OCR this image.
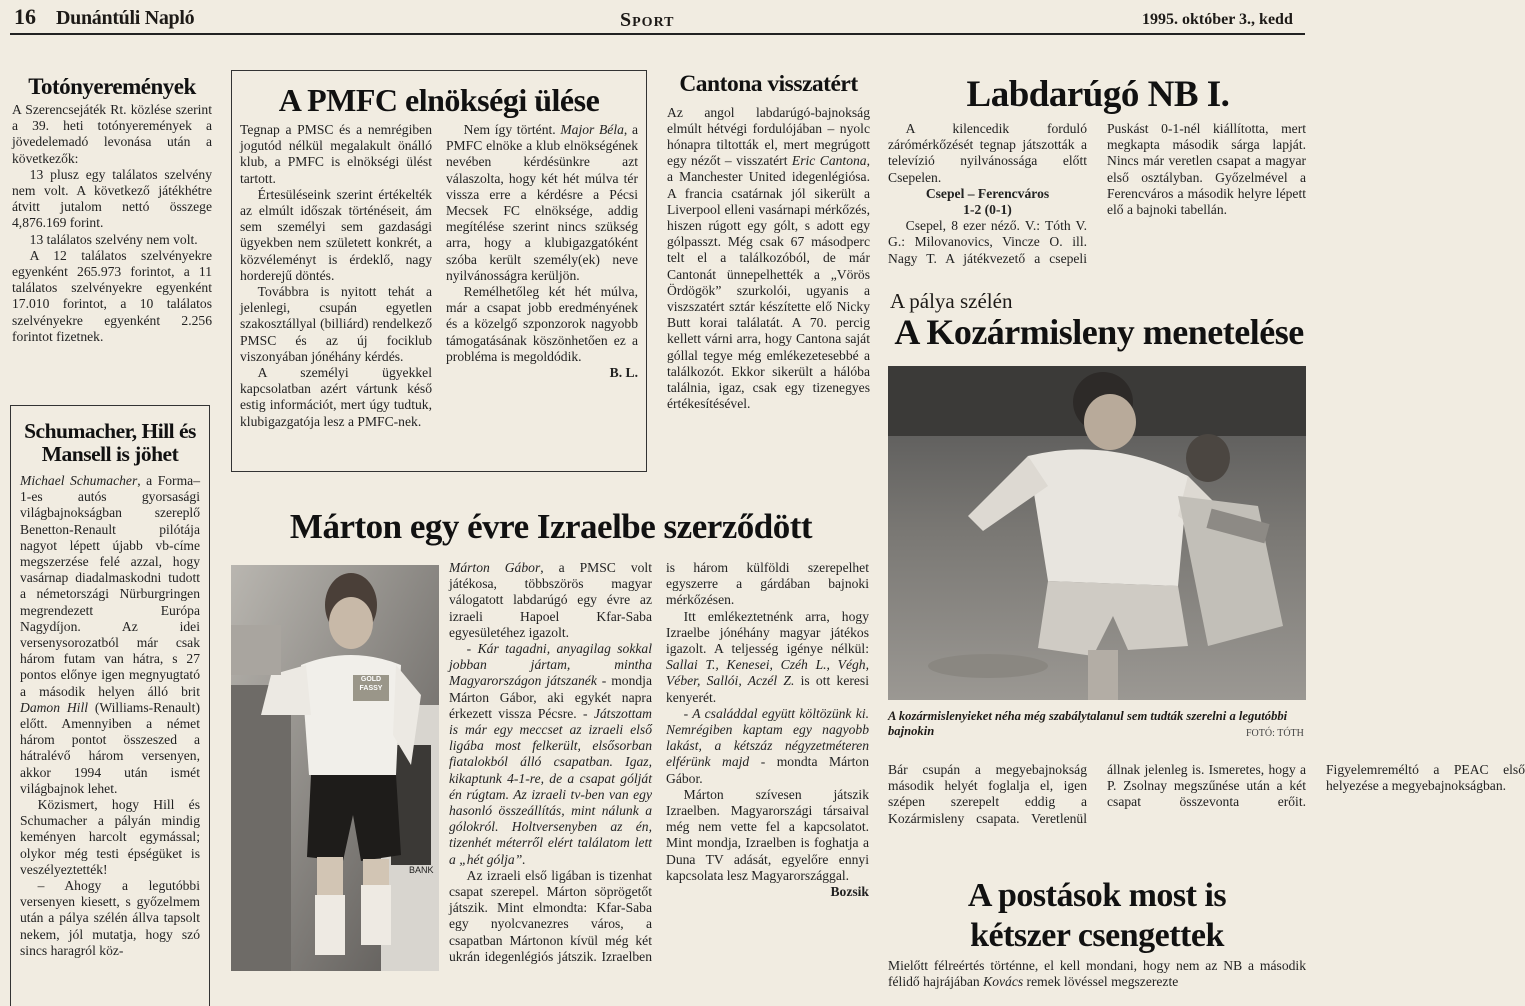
16 Dunántúli Napló	Sport	1995. október 3., kedd
Totónyeremények

A Szerencsejáték Rt. közlése szerint a 39. heti totónyeremények a jövedelemadó levonása után a következők:

13 plusz egy találatos szelvény nem volt. A következő játékhétre átvitt jutalom nettó összege 4,876.169 forint.

13 találatos szelvény nem volt.

A 12 találatos szelvényekre egyenként 265.973 forintot, a 11 találatos szelvényekre egyenként 17.010 forintot, a 10 találatos szelvényekre egyenként 2.256 forintot fizetnek.

Schumacher, Hill és Mansell is jöhet

Michael Schumacher, a Forma–1-es autós gyorsasági világbajnokságban szereplő Benetton-Renault pilótája nagyot lépett újabb vb-címe megszerzése felé azzal, hogy vasárnap diadalmaskodni tudott a németországi Nürburgringen megrendezett Európa Nagydíjon. Az idei versenysorozatból már csak három futam van hátra, s 27 pontos előnye igen megnyugtató a második helyen álló brit Damon Hill (Williams-Renault) előtt. Amennyiben a német három pontot összeszed a hátralévő három versenyen, akkor 1994 után ismét világbajnok lehet.

Közismert, hogy Hill és Schumacher a pályán mindig keményen harcolt egymással; olykor még testi épségüket is veszélyeztették!

– Ahogy a legutóbbi versenyen kiesett, s győzelmem után a pálya szélén állva tapsolt nekem, jól mutatja, hogy szó sincs haragról köz-

A PMFC elnökségi ülése

Tegnap a PMSC és a nemrégiben jogutód nélkül megalakult önálló klub, a PMFC is elnökségi ülést tartott.

Értesüléseink szerint értékelték az elmúlt időszak történéseit, ám sem személyi sem gazdasági ügyekben nem született konkrét, a közvéleményt is érdeklő, nagy horderejű döntés.

Továbbra is nyitott tehát a jelenlegi, csupán egyetlen szakosztállyal (billiárd) rendelkező PMSC és az új fociklub viszonyában jónéhány kérdés.

A személyi ügyekkel kapcsolatban azért vártunk késő estig információt, mert úgy tudtuk, klubigazgatója lesz a PMFC-nek.

Nem így történt. Major Béla, a PMFC elnöke a klub elnökségének nevében kérdésünkre azt válaszolta, hogy két hét múlva tér vissza erre a kérdésre a Pécsi Mecsek FC elnöksége, addig megítélése szerint nincs szükség arra, hogy a klubigazgatóként szóba került személy(ek) neve nyilvánosságra kerüljön.

Remélhetőleg két hét múlva, már a csapat jobb eredményének és a közelgő szponzorok nagyobb támogatásának köszönhetően ez a probléma is megoldódik.

B. L.
Cantona visszatért

Az angol labdarúgó-bajnokság elmúlt hétvégi fordulójában – nyolc hónapra tiltották el, mert megrúgott egy nézőt – visszatért Eric Cantona, a Manchester United idegenlégiósa. A francia csatárnak jól sikerült a Liverpool elleni vasárnapi mérkőzés, hiszen rúgott egy gólt, s adott egy gólpasszt. Még csak 67 másodperc telt el a találkozóból, de már Cantonát ünnepelhették a „Vörös Ördögök” szurkolói, ugyanis a viszszatért sztár készítette elő Nicky Butt korai találatát. A 70. percig kellett várni arra, hogy Cantona saját góllal tegye még emlékezetesebbé a találkozót. Ekkor sikerült a hálóba találnia, igaz, csak egy tizenegyes értékesítésével.

Márton egy évre Izraelbe szerződött
GOLD FASSY
BANK

Márton Gábor, a PMSC volt játékosa, többszörös magyar válogatott labdarúgó egy évre az izraeli Hapoel Kfar-Saba egyesületéhez igazolt.

- Kár tagadni, anyagilag sokkal jobban jártam, mintha Magyarországon játszanék - mondja Márton Gábor, aki egykét napra érkezett vissza Pécsre. - Játszottam is már egy meccset az izraeli első ligába most felkerült, elsősorban fiatalokból álló csapatban. Igaz, kikaptunk 4-1-re, de a csapat gólját én rúgtam. Az izraeli tv-ben van egy hasonló összeállítás, mint nálunk a gólokról. Holtversenyben az én, tizenhét méterről elért találatom lett a „hét gólja”.

Az izraeli első ligában is tizenhat csapat szerepel. Márton söprögetőt játszik. Mint elmondta: Kfar-Saba egy nyolcvanezres város, a csapatban Mártonon kívül még két ukrán idegenlégiós játszik. Izraelben is három külföldi szerepelhet egyszerre a gárdában bajnoki mérkőzésen.

Itt emlékeztetnénk arra, hogy Izraelbe jónéhány magyar játékos igazolt. A teljesség igénye nélkül: Sallai T., Kenesei, Czéh L., Végh, Véber, Sallói, Aczél Z. is ott keresi kenyerét.

- A családdal együtt költözünk ki. Nemrégiben kaptam egy nagyobb lakást, a kétszáz négyzetméteren elférünk majd - mondta Márton Gábor.

Márton szívesen játszik Izraelben. Magyarországi társaival még nem vette fel a kapcsolatot. Mint mondja, Izraelben is foghatja a Duna TV adását, egyelőre ennyi kapcsolata lesz Magyarországgal.

Bozsik
Labdarúgó NB I.

A kilencedik forduló zárómérkőzését tegnap játszották a televízió nyilvánossága előtt Csepelen.

Csepel – Ferencváros
1-2 (0-1)

Csepel, 8 ezer néző. V.: Tóth V. G.: Milovanovics, Vincze O. ill. Nagy T. A játékvezető a csepeli Puskást 0-1-nél kiállította, mert megkapta második sárga lapját. Nincs már veretlen csapat a magyar első osztályban. Győzelmével a Ferencváros a második helyre lépett elő a bajnoki tabellán.

A pálya szélén
A Kozármisleny menetelése
A kozármislenyieket néha még szabálytalanul sem tudták szerelni a legutóbbi bajnokin	FOTÓ: TÓTH

Bár csupán a megyebajnokság második helyét foglalja el, igen szépen szerepelt eddig a Kozármisleny csapata. Veretlenül állnak jelenleg is. Ismeretes, hogy a P. Zsolnay megszűnése után a két csapat összevonta erőit. Figyelemreméltó a PEAC első helyezése a megyebajnokságban.

A postások most is
kétszer csengettek

Mielőtt félreértés történne, el kell mondani, hogy nem az NB a második félidő hajrájában Kovács remek lövéssel megszerezte
